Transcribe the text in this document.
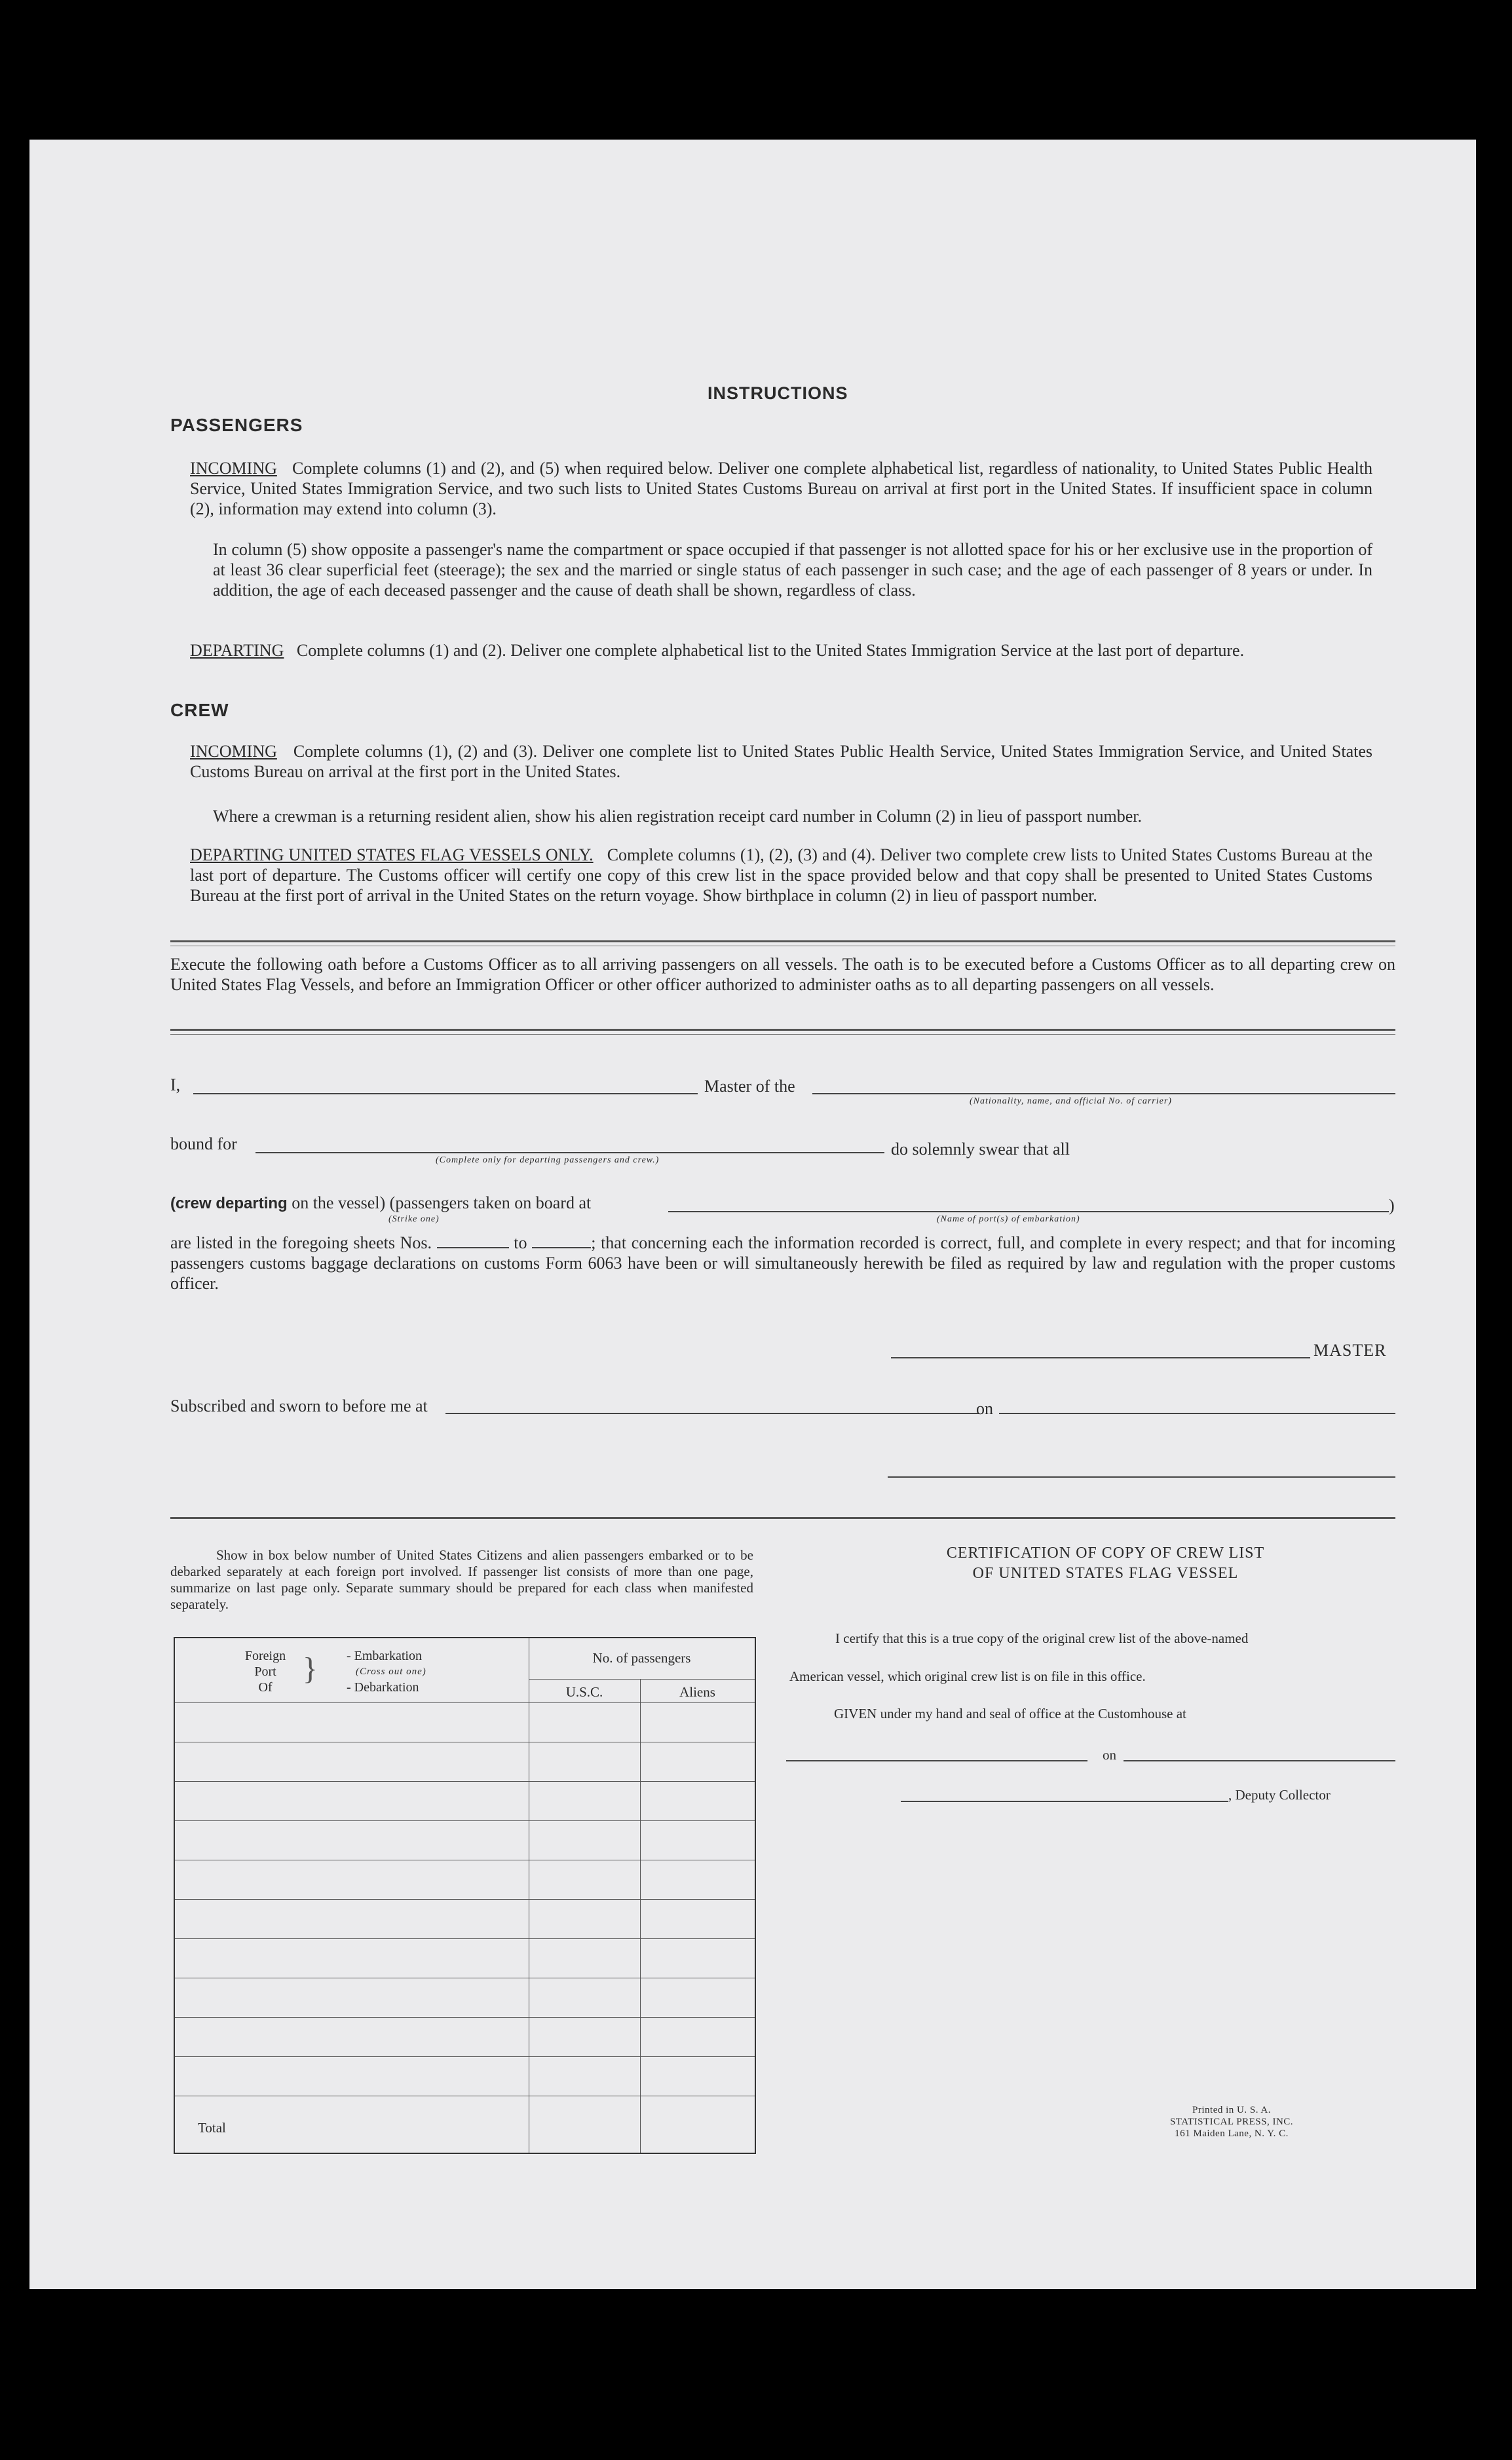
INSTRUCTIONS
PASSENGERS
INCOMING Complete columns (1) and (2), and (5) when required below. Deliver one complete alphabetical list, regardless of nationality, to United States Public Health Service, United States Immigration Service, and two such lists to United States Customs Bureau on arrival at first port in the United States. If insufficient space in column (2), information may extend into column (3).
In column (5) show opposite a passenger's name the compartment or space occupied if that passenger is not allotted space for his or her exclusive use in the proportion of at least 36 clear superficial feet (steerage); the sex and the married or single status of each passenger in such case; and the age of each passenger of 8 years or under. In addition, the age of each deceased passenger and the cause of death shall be shown, regardless of class.
DEPARTING Complete columns (1) and (2). Deliver one complete alphabetical list to the United States Immigration Service at the last port of departure.
CREW
INCOMING Complete columns (1), (2) and (3). Deliver one complete list to United States Public Health Service, United States Immigration Service, and United States Customs Bureau on arrival at the first port in the United States.
Where a crewman is a returning resident alien, show his alien registration receipt card number in Column (2) in lieu of passport number.
DEPARTING UNITED STATES FLAG VESSELS ONLY. Complete columns (1), (2), (3) and (4). Deliver two complete crew lists to United States Customs Bureau at the last port of departure. The Customs officer will certify one copy of this crew list in the space provided below and that copy shall be presented to United States Customs Bureau at the first port of arrival in the United States on the return voyage. Show birthplace in column (2) in lieu of passport number.
Execute the following oath before a Customs Officer as to all arriving passengers on all vessels. The oath is to be executed before a Customs Officer as to all departing crew on United States Flag Vessels, and before an Immigration Officer or other officer authorized to administer oaths as to all departing passengers on all vessels.
I,	Master of the
(Nationality, name, and official No. of carrier)
bound for
(Complete only for departing passengers and crew.)
do solemnly swear that all
(crew departing on the vessel) (passengers taken on board at	)
(Strike one)	(Name of port(s) of embarkation)
are listed in the foregoing sheets Nos.	to	; that concerning each the information recorded is correct, full, and complete in every respect; and that for incoming passengers customs baggage declarations on customs Form 6063 have been or will simultaneously herewith be filed as required by law and regulation with the proper customs officer.
MASTER
Subscribed and sworn to before me at	on
Show in box below number of United States Citizens and alien passengers embarked or to be debarked separately at each foreign port involved. If passenger list consists of more than one page, summarize on last page only. Separate summary should be prepared for each class when manifested separately.
Foreign
Port
Of
} - Embarkation
(Cross out one)
- Debarkation
No. of passengers
U.S.C.	Aliens
Total
CERTIFICATION OF COPY OF CREW LIST
OF UNITED STATES FLAG VESSEL
I certify that this is a true copy of the original crew list of the above-named
American vessel, which original crew list is on file in this office.
GIVEN under my hand and seal of office at the Customhouse at
on
, Deputy Collector
Printed in U. S. A.
STATISTICAL PRESS, INC.
161 Maiden Lane, N. Y. C.
